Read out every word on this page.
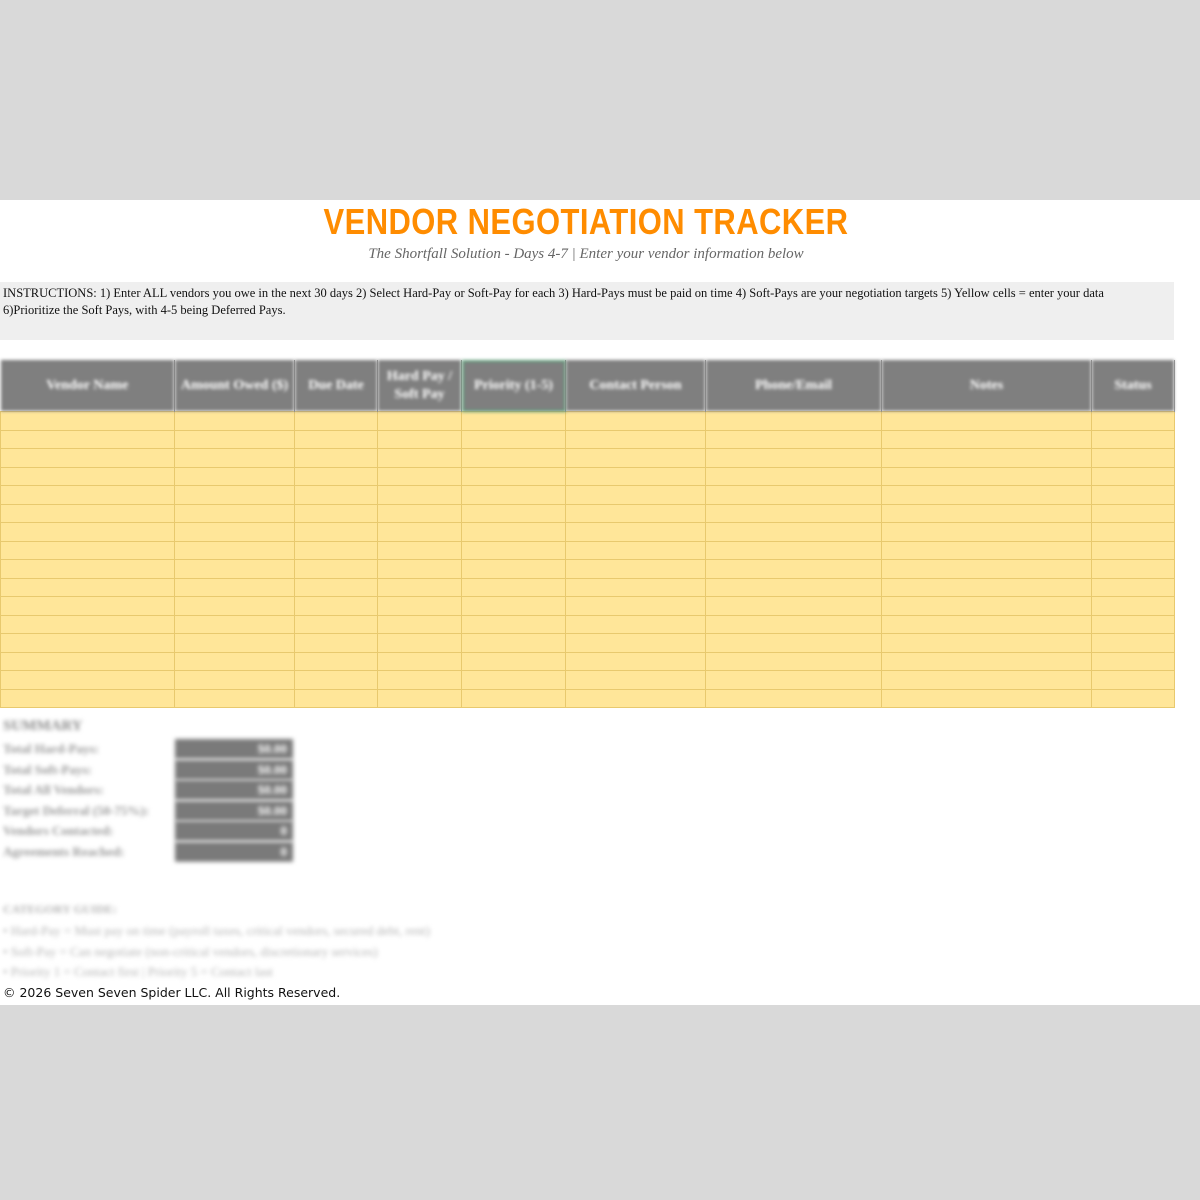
VENDOR NEGOTIATION TRACKER
The Shortfall Solution - Days 4-7 | Enter your vendor information below
INSTRUCTIONS: 1) Enter ALL vendors you owe in the next 30 days 2) Select Hard-Pay or Soft-Pay for each 3) Hard-Pays must be paid on time 4) Soft-Pays are your negotiation targets 5) Yellow cells = enter your data
6)Prioritize the Soft Pays, with 4-5 being Deferred Pays.
Vendor Name	Amount Owed ($)	Due Date	Hard Pay / Soft Pay	Priority (1-5)	Contact Person	Phone/Email	Notes	Status

SUMMARY
Total Hard-Pays:	$0.00
Total Soft-Pays:	$0.00
Total All Vendors:	$0.00
Target Deferral (50-75%):	$0.00
Vendors Contacted:	0
Agreements Reached:	0
CATEGORY GUIDE:
• Hard-Pay = Must pay on time (payroll taxes, critical vendors, secured debt, rent)
• Soft-Pay = Can negotiate (non-critical vendors, discretionary services)
• Priority 1 = Contact first | Priority 5 = Contact last
© 2026 Seven Seven Spider LLC. All Rights Reserved.
